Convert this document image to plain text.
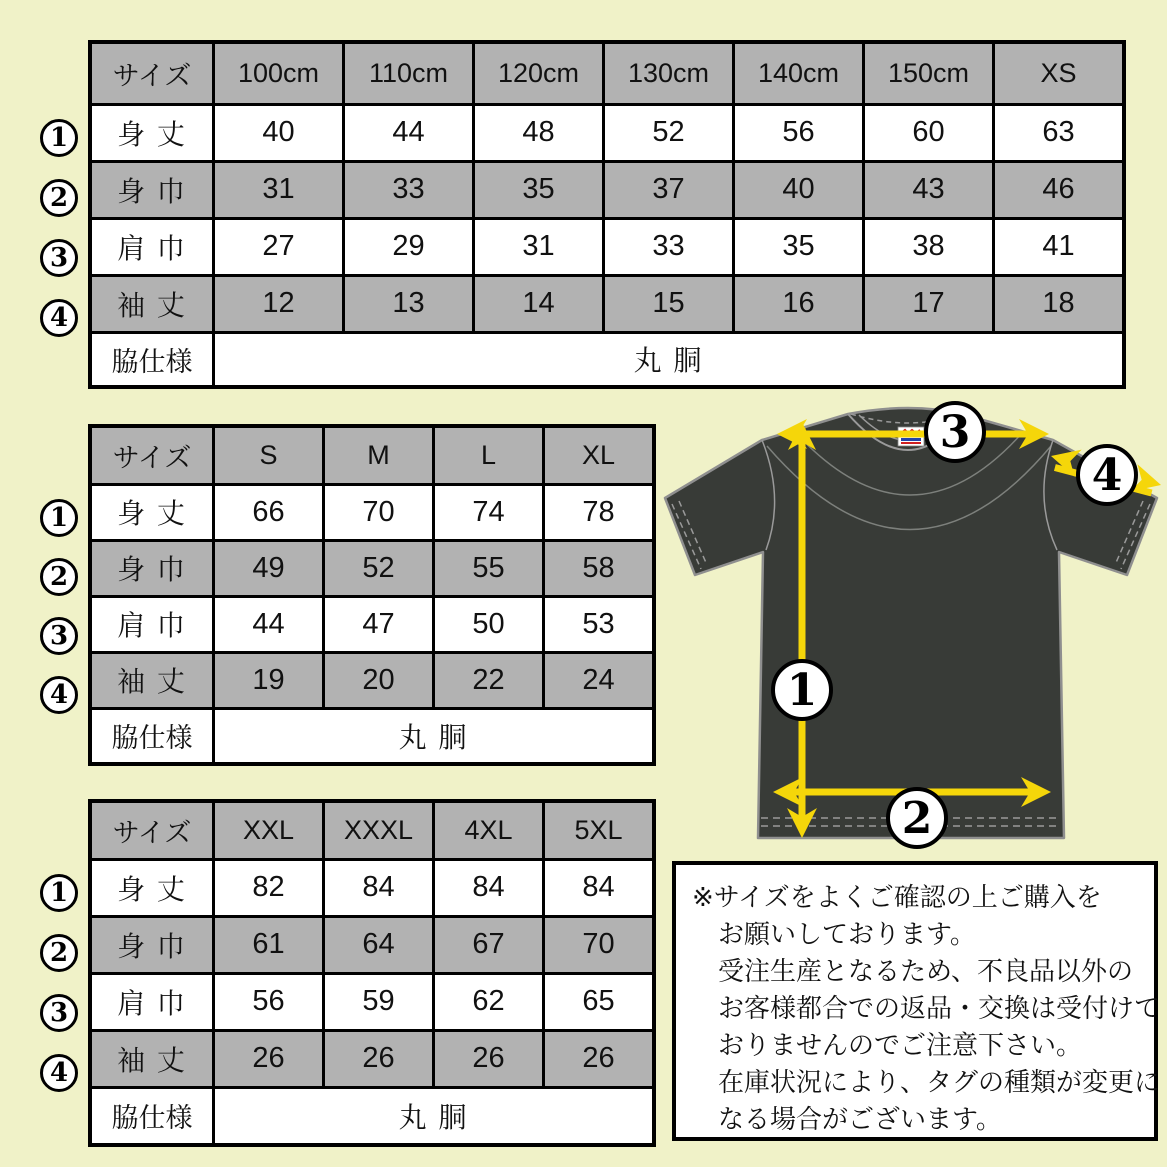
1
2
3
4
サイズ	100cm	110cm	120cm	130cm	140cm	150cm	XS
身 丈	40	44	48	52	56	60	63
身 巾	31	33	35	37	40	43	46
肩 巾	27	29	31	33	35	38	41
袖 丈	12	13	14	15	16	17	18
脇仕様	丸 胴						
1
2
3
4
サイズ	S	M	L	XL
身 丈	66	70	74	78
身 巾	49	52	55	58
肩 巾	44	47	50	53
袖 丈	19	20	22	24
脇仕様	丸 胴			
1
2
3
4
サイズ	XXL	XXXL	4XL	5XL
身 丈	82	84	84	84
身 巾	61	64	67	70
肩 巾	56	59	62	65
袖 丈	26	26	26	26
脇仕様	丸 胴			
3
4
1
2
※サイズをよくご確認の上ご購入を
お願いしております。
受注生産となるため、不良品以外の
お客様都合での返品・交換は受付けて
おりませんのでご注意下さい。
在庫状況により、タグの種類が変更に
なる場合がございます。
